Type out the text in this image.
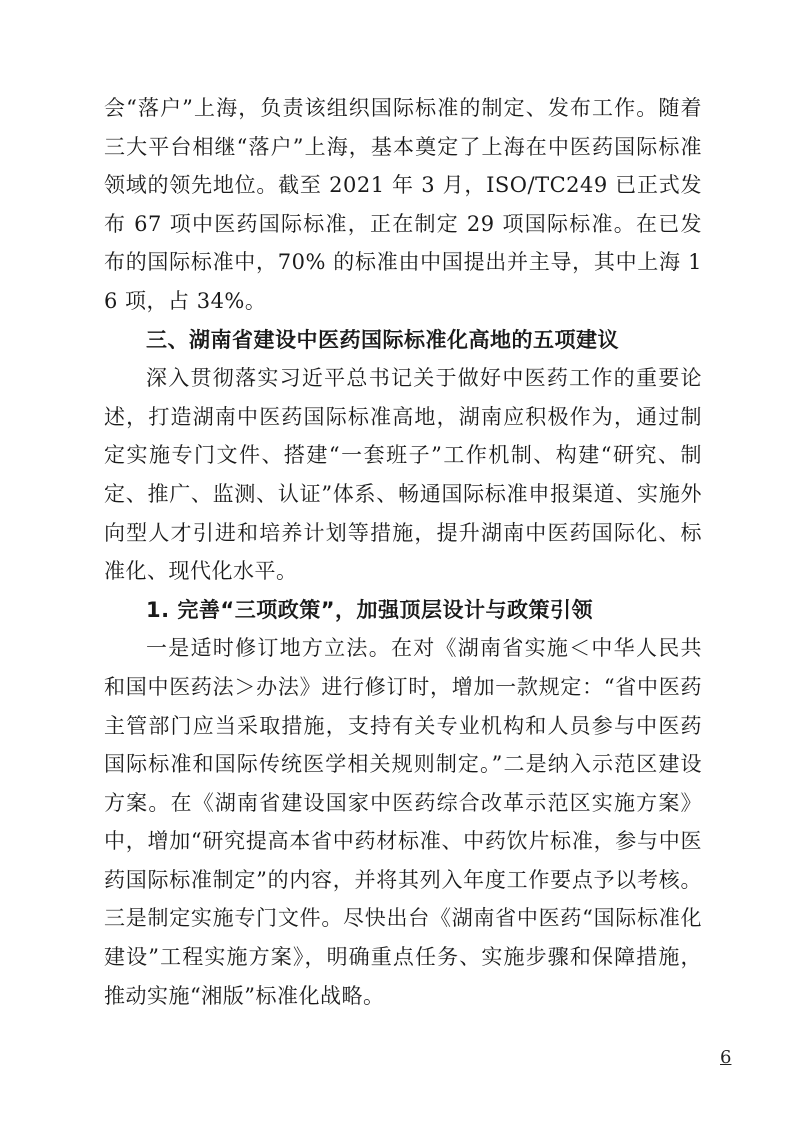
会“落户”上海，负责该组织国际标准的制定、发布工作。随着三大平台相继“落户”上海，基本奠定了上海在中医药国际标准领域的领先地位。截至 2021 年 3 月，ISO/TC249 已正式发布 67 项中医药国际标准，正在制定 29 项国际标准。在已发布的国际标准中，70% 的标准由中国提出并主导，其中上海 16 项，占 34%。

三、湖南省建设中医药国际标准化高地的五项建议

深入贯彻落实习近平总书记关于做好中医药工作的重要论述，打造湖南中医药国际标准高地，湖南应积极作为，通过制定实施专门文件、搭建“一套班子”工作机制、构建“研究、制定、推广、监测、认证”体系、畅通国际标准申报渠道、实施外向型人才引进和培养计划等措施，提升湖南中医药国际化、标准化、现代化水平。

1. 完善“三项政策”，加强顶层设计与政策引领

一是适时修订地方立法。在对《湖南省实施＜中华人民共和国中医药法＞办法》进行修订时，增加一款规定：“省中医药主管部门应当采取措施，支持有关专业机构和人员参与中医药国际标准和国际传统医学相关规则制定。”二是纳入示范区建设方案。在《湖南省建设国家中医药综合改革示范区实施方案》中，增加“研究提高本省中药材标准、中药饮片标准，参与中医药国际标准制定”的内容，并将其列入年度工作要点予以考核。三是制定实施专门文件。尽快出台《湖南省中医药“国际标准化建设”工程实施方案》，明确重点任务、实施步骤和保障措施，推动实施“湘版”标准化战略。

6
